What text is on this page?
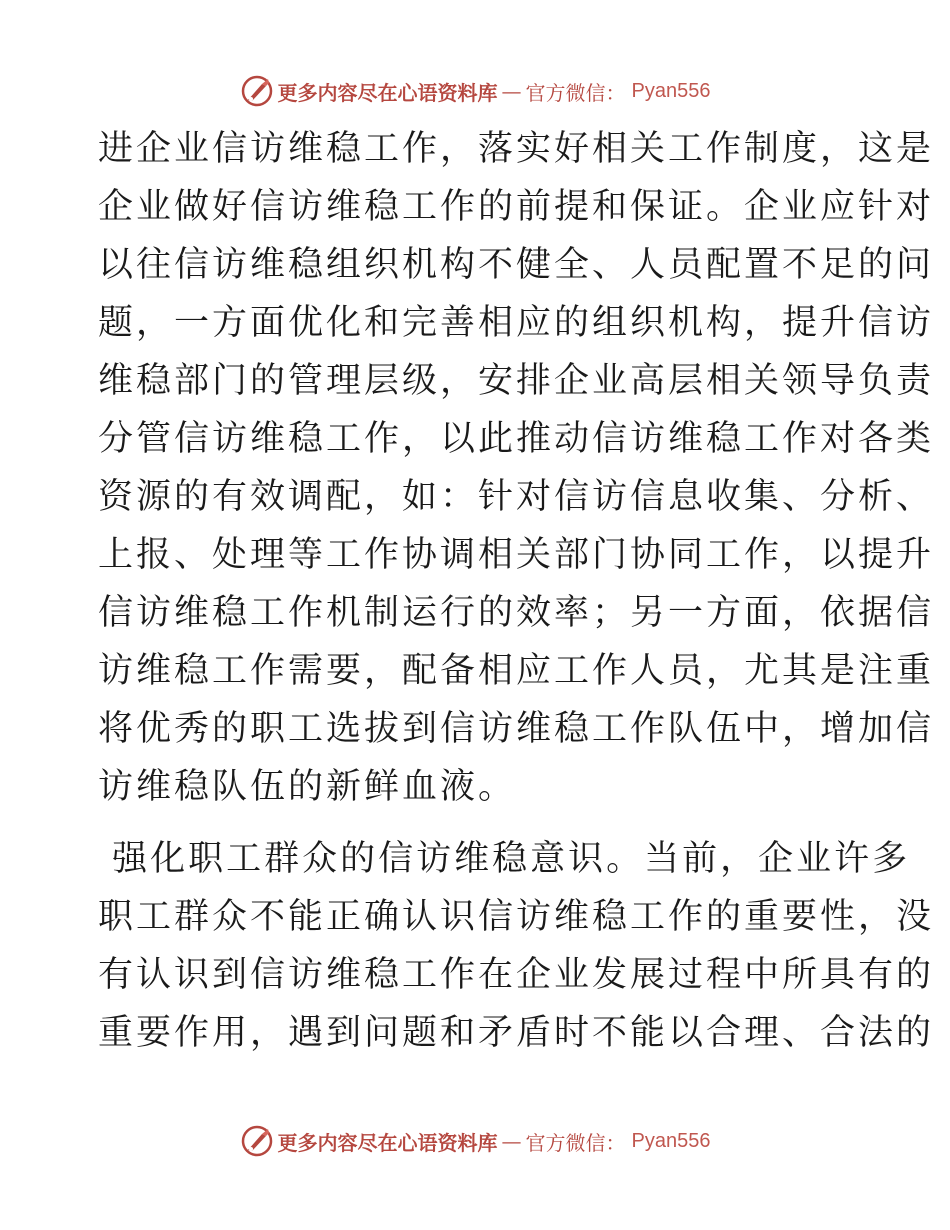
更多内容尽在心语资料库 — 官方微信： Pyan556

进企业信访维稳工作，落实好相关工作制度，这是
企业做好信访维稳工作的前提和保证。企业应针对
以往信访维稳组织机构不健全、人员配置不足的问
题，一方面优化和完善相应的组织机构，提升信访
维稳部门的管理层级，安排企业高层相关领导负责
分管信访维稳工作，以此推动信访维稳工作对各类
资源的有效调配，如：针对信访信息收集、分析、
上报、处理等工作协调相关部门协同工作，以提升
信访维稳工作机制运行的效率；另一方面，依据信
访维稳工作需要，配备相应工作人员，尤其是注重
将优秀的职工选拔到信访维稳工作队伍中，增加信
访维稳队伍的新鲜血液。

强化职工群众的信访维稳意识。当前，企业许多
职工群众不能正确认识信访维稳工作的重要性，没
有认识到信访维稳工作在企业发展过程中所具有的
重要作用，遇到问题和矛盾时不能以合理、合法的

更多内容尽在心语资料库 — 官方微信： Pyan556
